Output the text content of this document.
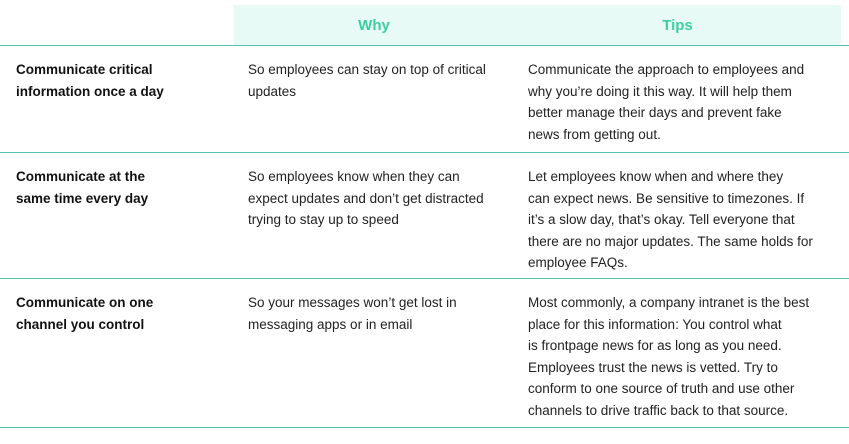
Why	Tips
Communicate critical
information once a day
So employees can stay on top of critical
updates
Communicate the approach to employees and
why you’re doing it this way. It will help them
better manage their days and prevent fake
news from getting out.
Communicate at the
same time every day
So employees know when they can
expect updates and don’t get distracted
trying to stay up to speed
Let employees know when and where they
can expect news. Be sensitive to timezones. If
it’s a slow day, that’s okay. Tell everyone that
there are no major updates. The same holds for
employee FAQs.
Communicate on one
channel you control
So your messages won’t get lost in
messaging apps or in email
Most commonly, a company intranet is the best
place for this information: You control what
is frontpage news for as long as you need.
Employees trust the news is vetted. Try to
conform to one source of truth and use other
channels to drive traffic back to that source.
